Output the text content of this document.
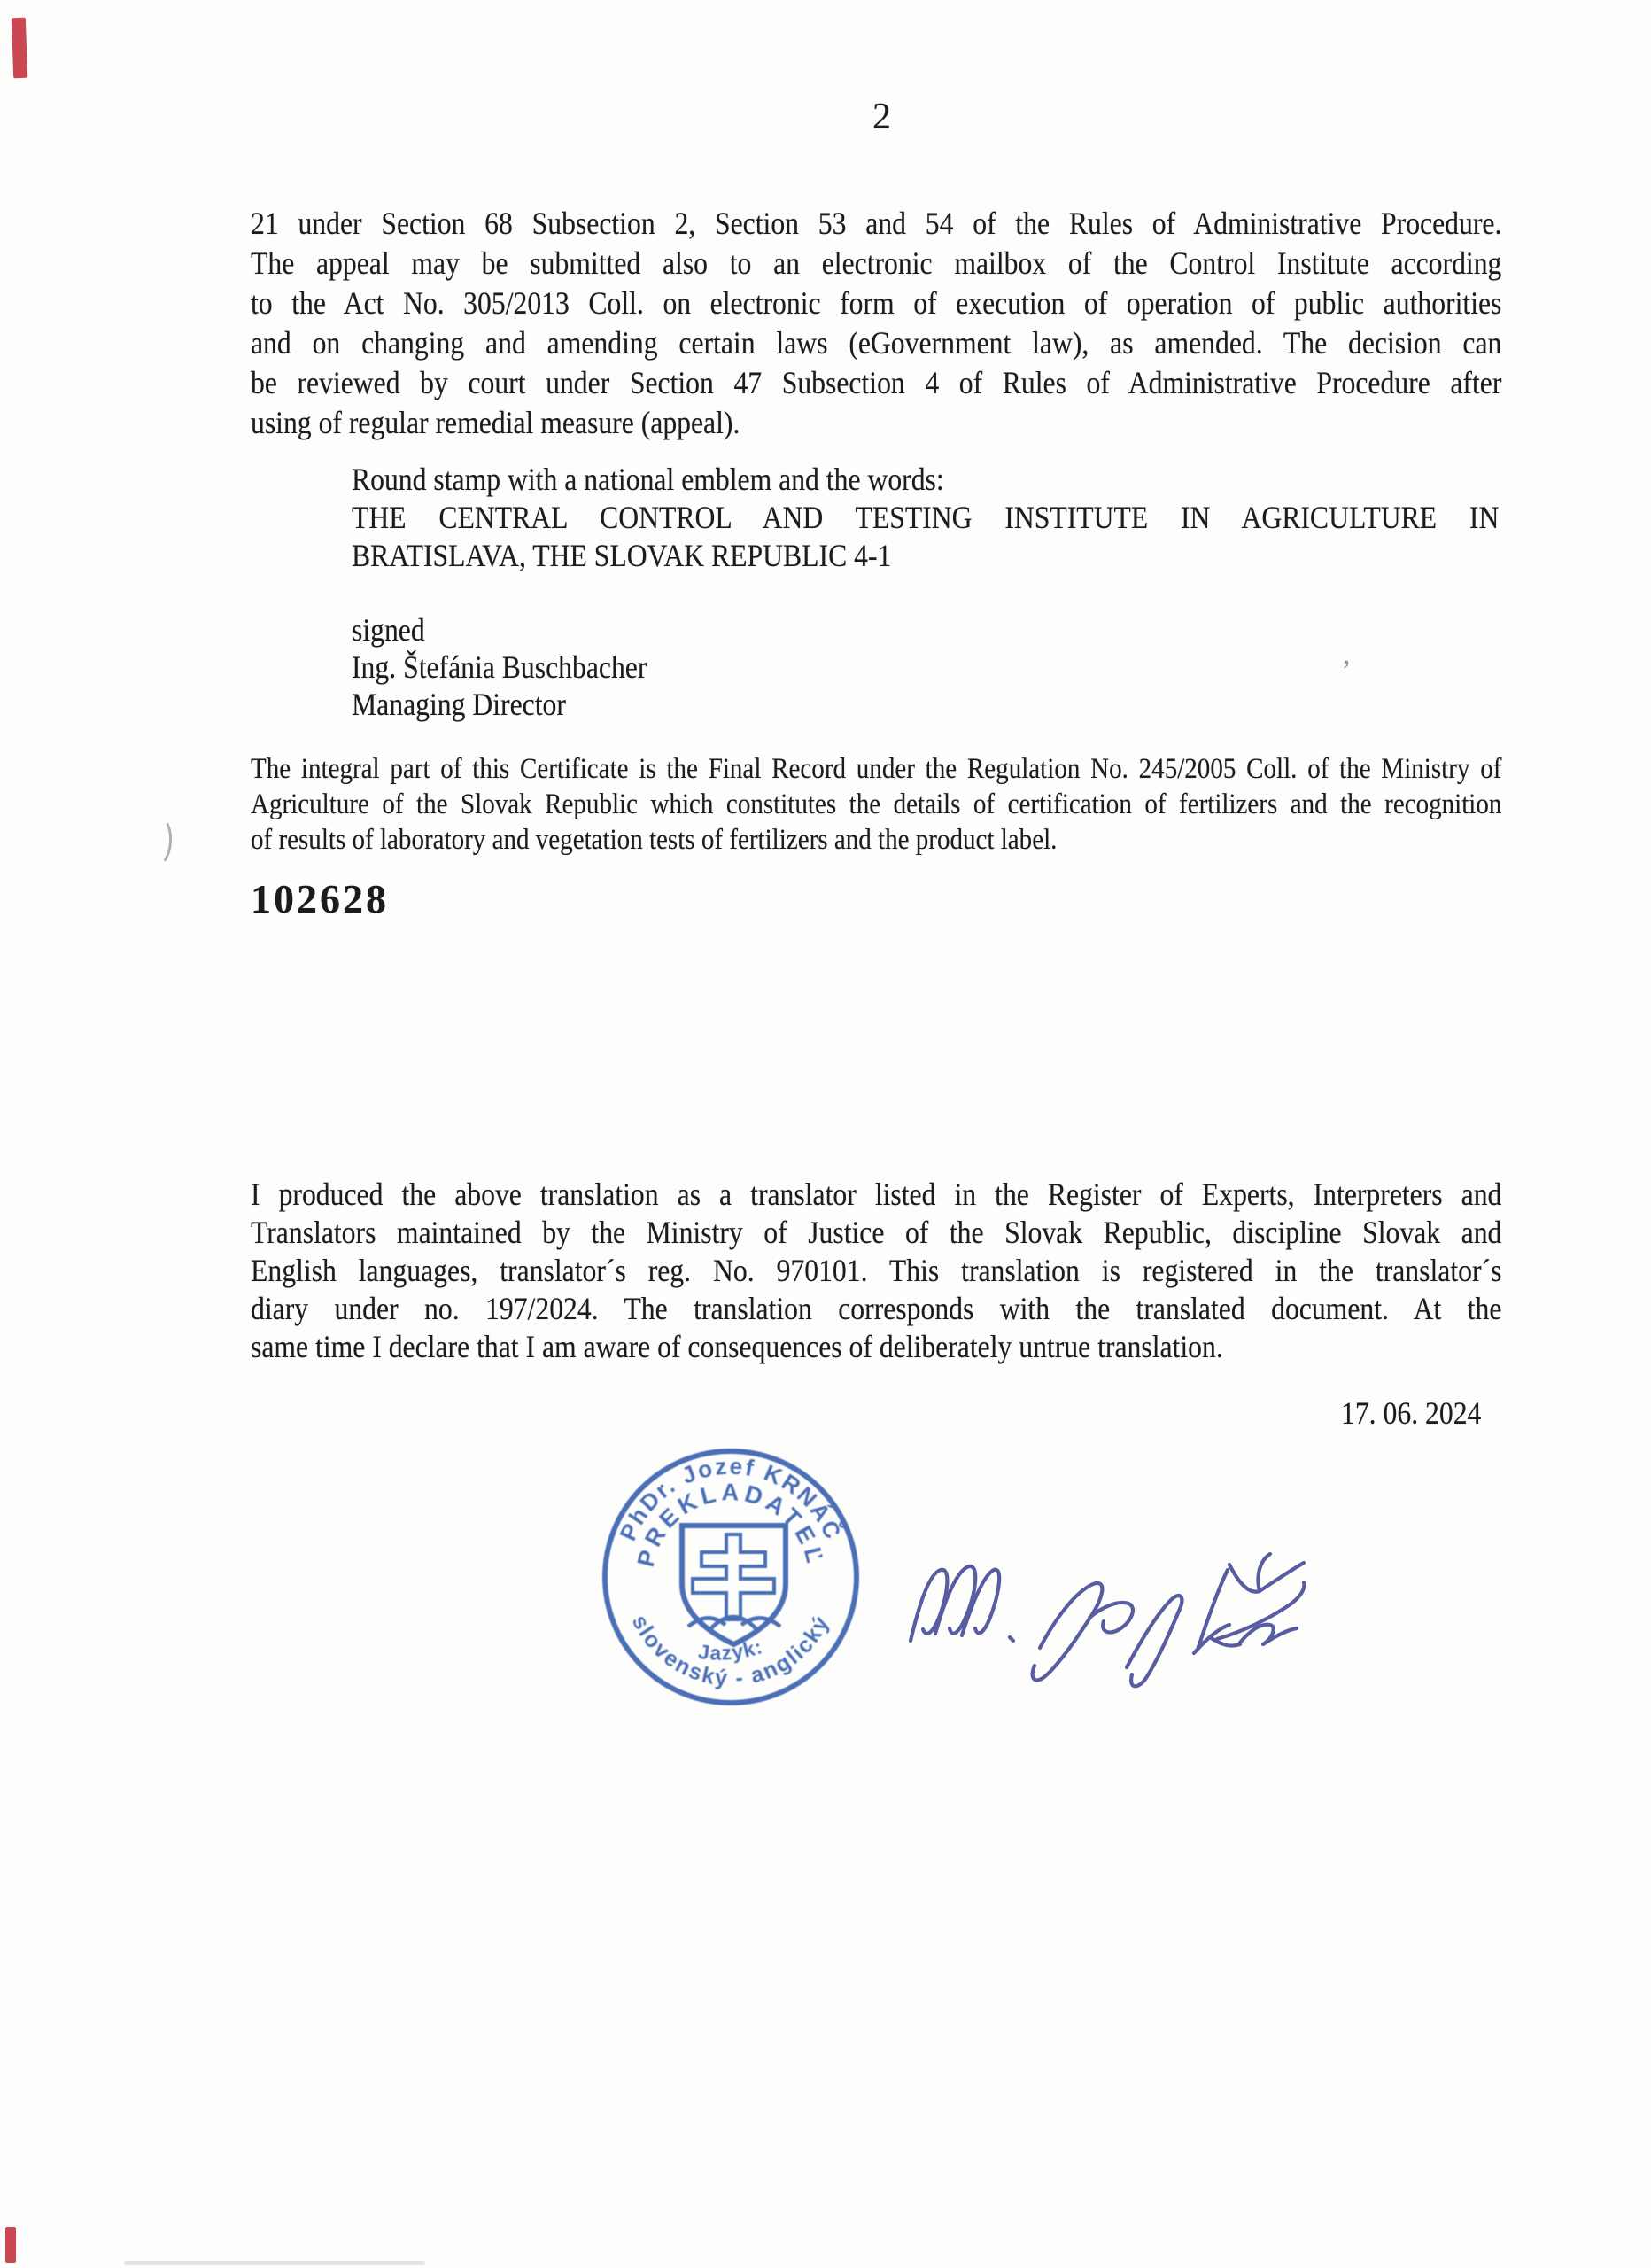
2
21 under Section 68 Subsection 2, Section 53 and 54 of the Rules of Administrative Procedure.
The appeal may be submitted also to an electronic mailbox of the Control Institute according
to the Act No. 305/2013 Coll. on electronic form of execution of operation of public authorities
and on changing and amending certain laws (eGovernment law), as amended. The decision can
be reviewed by court under Section 47 Subsection 4 of Rules of Administrative Procedure after
using of regular remedial measure (appeal).
Round stamp with a national emblem and the words:
THE CENTRAL CONTROL AND TESTING INSTITUTE IN AGRICULTURE IN
BRATISLAVA, THE SLOVAK REPUBLIC 4-1
signed
Ing. Štefánia Buschbacher
Managing Director
The integral part of this Certificate is the Final Record under the Regulation No. 245/2005 Coll. of the Ministry of
Agriculture of the Slovak Republic which constitutes the details of certification of fertilizers and the recognition
of results of laboratory and vegetation tests of fertilizers and the product label.
102628
I produced the above translation as a translator listed in the Register of Experts, Interpreters and
Translators maintained by the Ministry of Justice of the Slovak Republic, discipline Slovak and
English languages, translator´s reg. No. 970101. This translation is registered in the translator´s
diary under no. 197/2024. The translation corresponds with the translated document. At the
same time I declare that I am aware of consequences of deliberately untrue translation.
17. 06. 2024
PhDr. Jozef KRNÁČ
PREKLADATEĽ
Jazyk:
slovenský - anglický
,
